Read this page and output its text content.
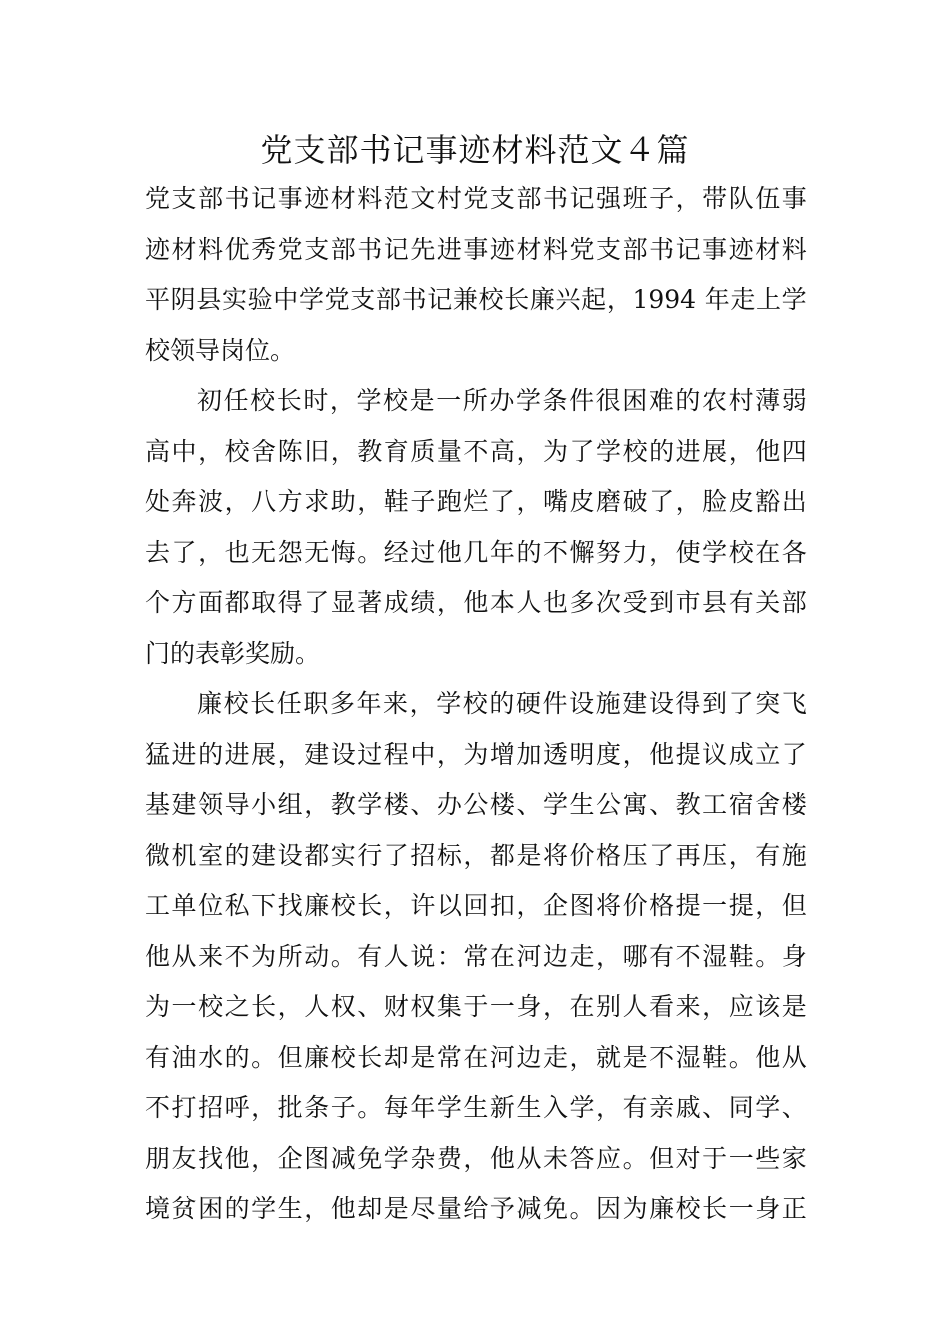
党支部书记事迹材料范文４篇
党 支 部 书 记 事 迹 材 料 范 文 村 党 支 部 书 记 强 班 子 ， 带 队 伍 事
迹 材 料 优 秀 党 支 部 书 记 先 进 事 迹 材 料 党 支 部 书 记 事 迹 材 料
平 阴 县 实 验 中 学 党 支 部 书 记 兼 校 长 廉 兴 起 ， 1994 年 走 上 学
校领导岗位。
初 任 校 长 时 ， 学 校 是 一 所 办 学 条 件 很 困 难 的 农 村 薄 弱
高 中 ， 校 舍 陈 旧 ， 教 育 质 量 不 高 ， 为 了 学 校 的 进 展 ， 他 四
处 奔 波 ， 八 方 求 助 ， 鞋 子 跑 烂 了 ， 嘴 皮 磨 破 了 ， 脸 皮 豁 出
去 了 ， 也 无 怨 无 悔 。 经 过 他 几 年 的 不 懈 努 力 ， 使 学 校 在 各
个 方 面 都 取 得 了 显 著 成 绩 ， 他 本 人 也 多 次 受 到 市 县 有 关 部
门的表彰奖励。
廉 校 长 任 职 多 年 来 ， 学 校 的 硬 件 设 施 建 设 得 到 了 突 飞
猛 进 的 进 展 ， 建 设 过 程 中 ， 为 增 加 透 明 度 ， 他 提 议 成 立 了
基 建 领 导 小 组 ， 教 学 楼 、 办 公 楼 、 学 生 公 寓 、 教 工 宿 舍 楼
微 机 室 的 建 设 都 实 行 了 招 标 ， 都 是 将 价 格 压 了 再 压 ， 有 施
工 单 位 私 下 找 廉 校 长 ， 许 以 回 扣 ， 企 图 将 价 格 提 一 提 ， 但
他 从 来 不 为 所 动 。 有 人 说 ： 常 在 河 边 走 ， 哪 有 不 湿 鞋 。 身
为 一 校 之 长 ， 人 权 、 财 权 集 于 一 身 ， 在 别 人 看 来 ， 应 该 是
有 油 水 的 。 但 廉 校 长 却 是 常 在 河 边 走 ， 就 是 不 湿 鞋 。 他 从
不 打 招 呼 ， 批 条 子 。 每 年 学 生 新 生 入 学 ， 有 亲 戚 、 同 学 、
朋 友 找 他 ， 企 图 减 免 学 杂 费 ， 他 从 未 答 应 。 但 对 于 一 些 家
境 贫 困 的 学 生 ， 他 却 是 尽 量 给 予 减 免 。 因 为 廉 校 长 一 身 正
